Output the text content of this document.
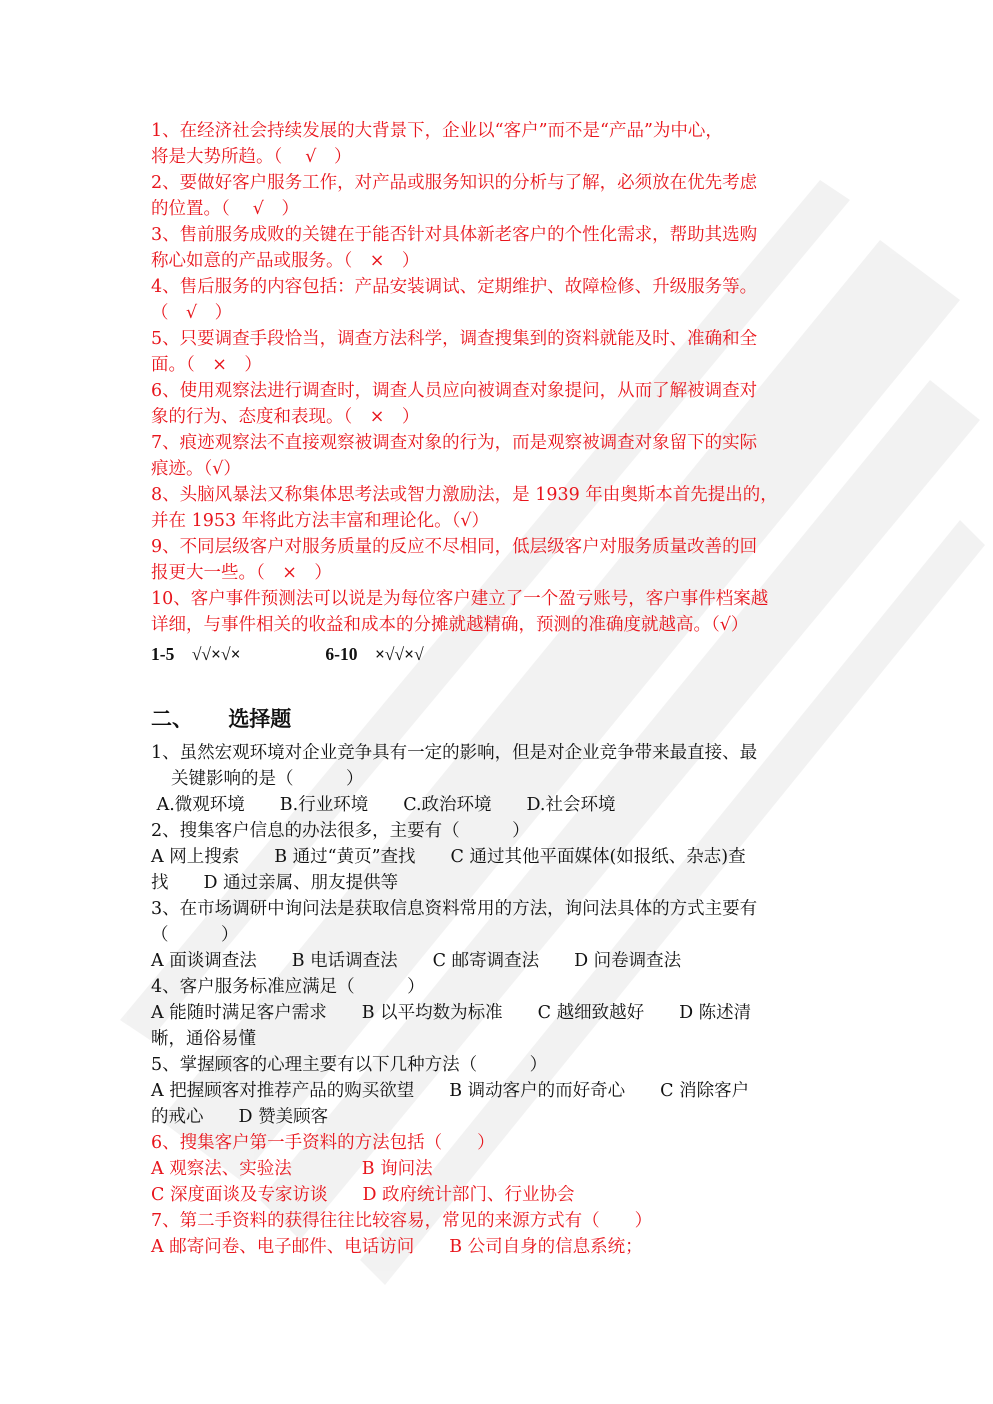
1、在经济社会持续发展的大背景下，企业以“客户”而不是“产品”为中心，
将是大势所趋。（　 √　）
2、要做好客户服务工作，对产品或服务知识的分析与了解，必须放在优先考虑
的位置。（　 √　）
3、售前服务成败的关键在于能否针对具体新老客户的个性化需求，帮助其选购
称心如意的产品或服务。（　×　）
4、售后服务的内容包括：产品安装调试、定期维护、故障检修、升级服务等。
（　√　）
5、只要调查手段恰当，调查方法科学，调查搜集到的资料就能及时、准确和全
面。（　×　）
6、使用观察法进行调查时，调查人员应向被调查对象提问，从而了解被调查对
象的行为、态度和表现。（　×　）
7、痕迹观察法不直接观察被调查对象的行为，而是观察被调查对象留下的实际
痕迹。（√）
8、头脑风暴法又称集体思考法或智力激励法，是 1939 年由奥斯本首先提出的，
并在 1953 年将此方法丰富和理论化。（√）
9、不同层级客户对服务质量的反应不尽相同，低层级客户对服务质量改善的回
报更大一些。（　×　）
10、客户事件预测法可以说是为每位客户建立了一个盈亏账号，客户事件档案越
详细，与事件相关的收益和成本的分摊就越精确，预测的准确度就越高。（√）
1-5　√√×√×	6-10　×√√×√
二、 选择题
1、虽然宏观环境对企业竞争具有一定的影响，但是对企业竞争带来最直接、最
关键影响的是（　　　）
A.微观环境　　B.行业环境　　C.政治环境　　D.社会环境
2、搜集客户信息的办法很多，主要有（　　　）
A 网上搜索　　B 通过“黄页”查找　　C 通过其他平面媒体(如报纸、杂志)查
找　　D 通过亲属、朋友提供等
3、在市场调研中询问法是获取信息资料常用的方法，询问法具体的方式主要有
（　　　）
A 面谈调查法　　B 电话调查法　　C 邮寄调查法　　D 问卷调查法
4、客户服务标准应满足（　　　）
A 能随时满足客户需求　　B 以平均数为标准　　C 越细致越好　　D 陈述清
晰，通俗易懂
5、掌握顾客的心理主要有以下几种方法（　　　）
A 把握顾客对推荐产品的购买欲望　　B 调动客户的而好奇心　　C 消除客户
的戒心　　D 赞美顾客
6、搜集客户第一手资料的方法包括（　　）
A 观察法、实验法　　　　B 询问法
C 深度面谈及专家访谈　　D 政府统计部门、行业协会
7、第二手资料的获得往往比较容易，常见的来源方式有（　　）
A 邮寄问卷、电子邮件、电话访问　　B 公司自身的信息系统；
